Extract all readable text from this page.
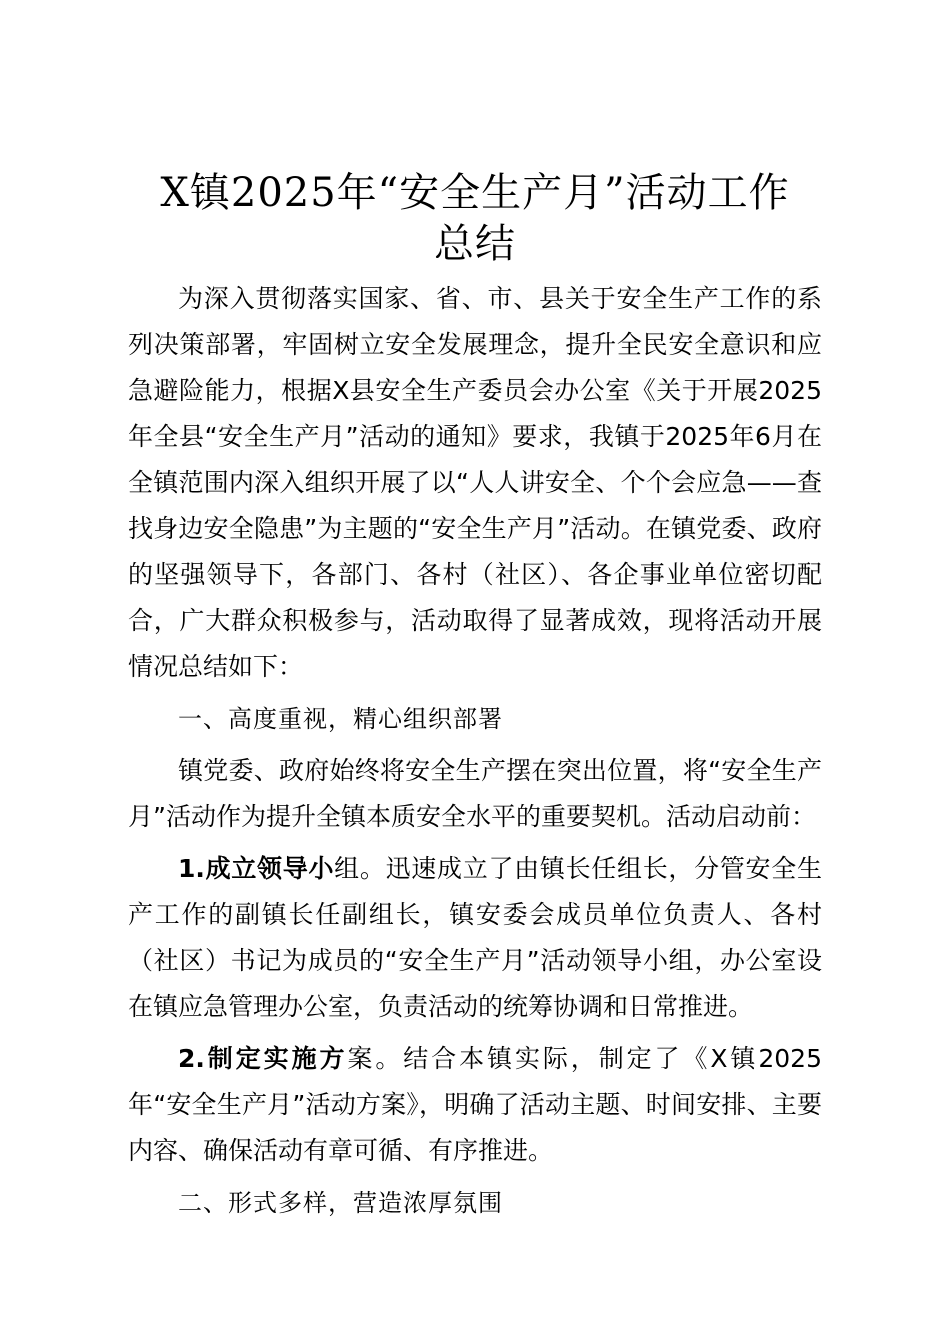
X镇2025年“安全生产月”活动工作
总结

为深入贯彻落实国家、省、市、县关于安全生产工作的系列决策部署，牢固树立安全发展理念，提升全民安全意识和应急避险能力，根据X县安全生产委员会办公室《关于开展2025年全县“安全生产月”活动的通知》要求，我镇于2025年6月在全镇范围内深入组织开展了以“人人讲安全、个个会应急——查找身边安全隐患”为主题的“安全生产月”活动。在镇党委、政府的坚强领导下，各部门、各村（社区）、各企事业单位密切配合，广大群众积极参与，活动取得了显著成效，现将活动开展情况总结如下：

一、高度重视，精心组织部署

镇党委、政府始终将安全生产摆在突出位置，将“安全生产月”活动作为提升全镇本质安全水平的重要契机。活动启动前：

1.成立领导小组。迅速成立了由镇长任组长，分管安全生产工作的副镇长任副组长，镇安委会成员单位负责人、各村（社区）书记为成员的“安全生产月”活动领导小组，办公室设在镇应急管理办公室，负责活动的统筹协调和日常推进。

2.制定实施方案。结合本镇实际，制定了《X镇2025年“安全生产月”活动方案》，明确了活动主题、时间安排、主要内容、确保活动有章可循、有序推进。

二、形式多样，营造浓厚氛围
